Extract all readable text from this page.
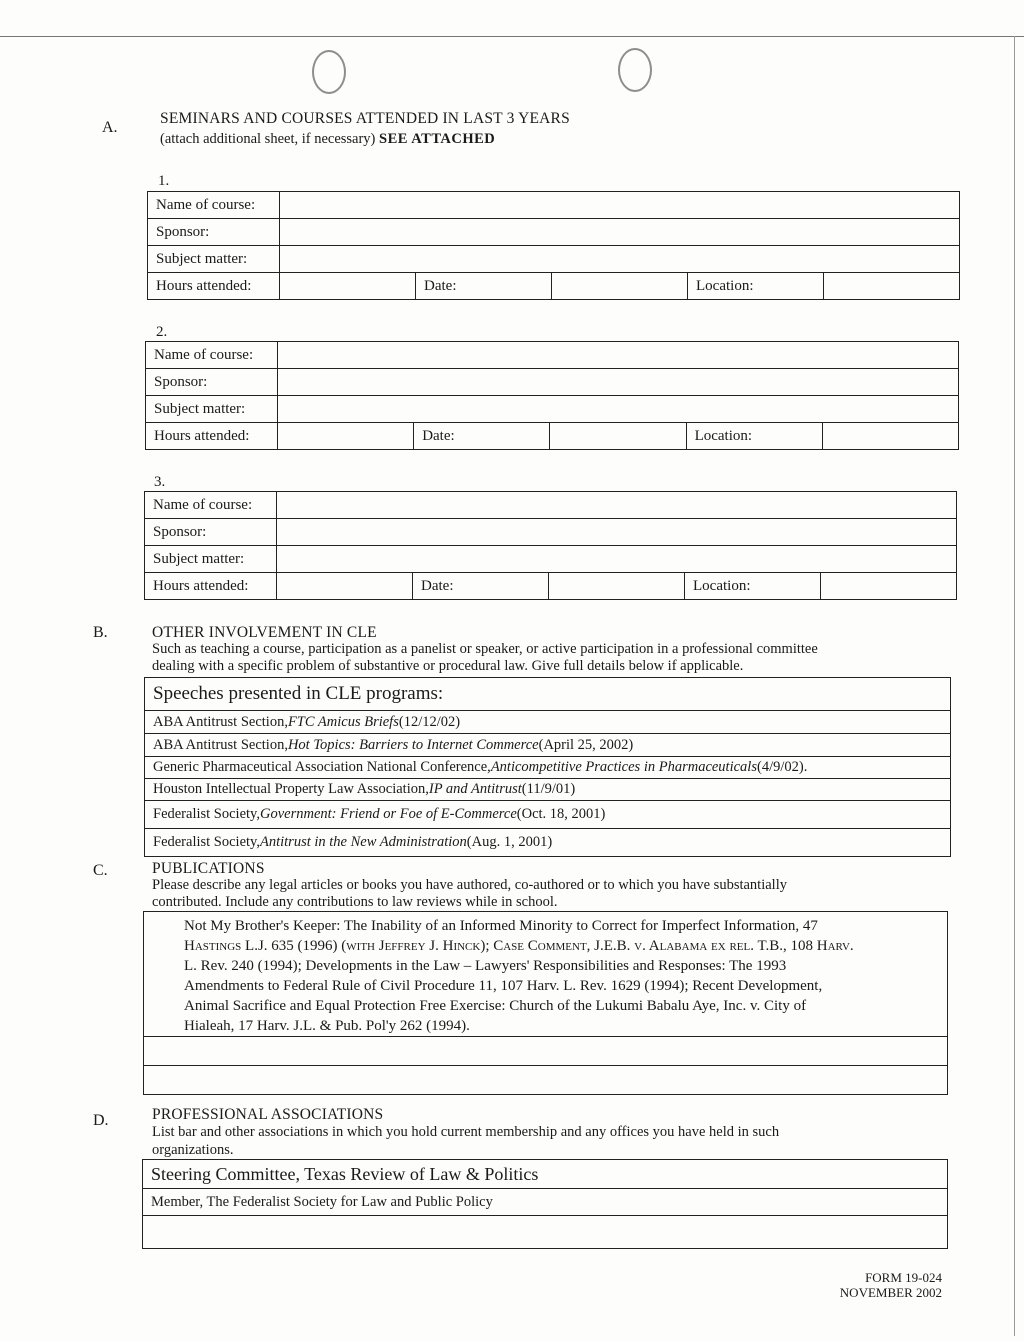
A.
SEMINARS AND COURSES ATTENDED IN LAST 3 YEARS
(attach additional sheet, if necessary) SEE ATTACHED
1.
Name of course:					
Sponsor:					
Subject matter:					
Hours attended:		Date:		Location:	
2.
Name of course:					
Sponsor:					
Subject matter:					
Hours attended:		Date:		Location:	
3.
Name of course:					
Sponsor:					
Subject matter:					
Hours attended:		Date:		Location:	
B.	OTHER INVOLVEMENT IN CLE
Such as teaching a course, participation as a panelist or speaker, or active participation in a professional committee
dealing with a specific problem of substantive or procedural law. Give full details below if applicable.
Speeches presented in CLE programs:
ABA Antitrust Section, FTC Amicus Briefs (12/12/02)
ABA Antitrust Section, Hot Topics: Barriers to Internet Commerce (April 25, 2002)
Generic Pharmaceutical Association National Conference, Anticompetitive Practices in Pharmaceuticals (4/9/02).
Houston Intellectual Property Law Association, IP and Antitrust (11/9/01)
Federalist Society, Government: Friend or Foe of E-Commerce (Oct. 18, 2001)
Federalist Society, Antitrust in the New Administration (Aug. 1, 2001)
C.	PUBLICATIONS
Please describe any legal articles or books you have authored, co-authored or to which you have substantially
contributed. Include any contributions to law reviews while in school.
Not My Brother's Keeper: The Inability of an Informed Minority to Correct for Imperfect Information, 47
Hastings L.J. 635 (1996) (with Jeffrey J. Hinck); Case Comment, J.E.B. v. Alabama ex rel. T.B., 108 Harv.
L. Rev. 240 (1994); Developments in the Law – Lawyers' Responsibilities and Responses: The 1993
Amendments to Federal Rule of Civil Procedure 11, 107 Harv. L. Rev. 1629 (1994); Recent Development,
Animal Sacrifice and Equal Protection Free Exercise: Church of the Lukumi Babalu Aye, Inc. v. City of
Hialeah, 17 Harv. J.L. & Pub. Pol'y 262 (1994).
D.	PROFESSIONAL ASSOCIATIONS
List bar and other associations in which you hold current membership and any offices you have held in such
organizations.
Steering Committee, Texas Review of Law & Politics
Member, The Federalist Society for Law and Public Policy
FORM 19-024
NOVEMBER 2002
